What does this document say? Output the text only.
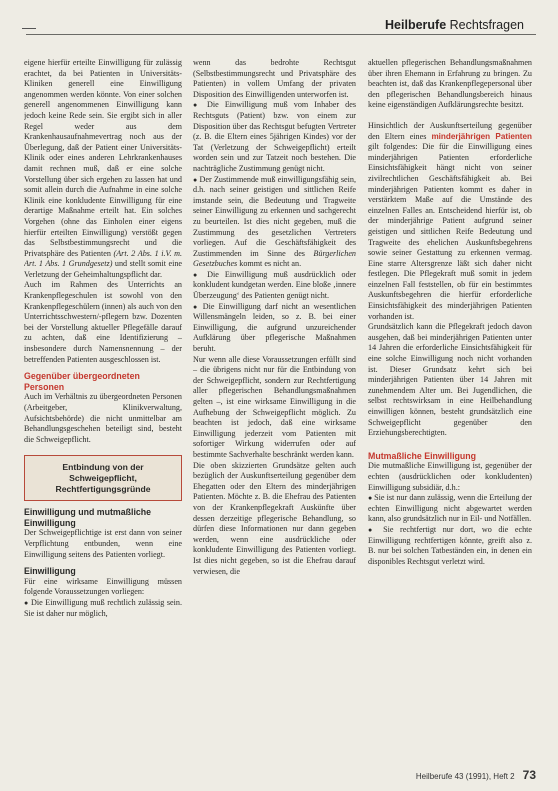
Heilberufe Rechtsfragen

eigene hierfür erteilte Einwilligung für zulässig erachtet, da bei Patienten in Universitäts-Kliniken generell eine Einwilligung angenommen werden könnte. Von einer solchen generell angenommenen Einwilligung kann jedoch keine Rede sein. Sie ergibt sich in aller Regel weder aus dem Krankenhausaufnahmevertrag noch aus der Überlegung, daß der Patient einer Universitäts-Klinik oder eines anderen Lehrkrankenhauses damit rechnen muß, daß er eine solche Vorstellung über sich ergehen zu lassen hat und somit allein durch die Aufnahme in eine solche Klinik eine konkludente Einwilligung für eine derartige Maßnahme erteilt hat. Ein solches Vorgehen (ohne das Einholen einer eigens hierfür erteilten Einwilligung) verstößt gegen das Selbstbestimmungsrecht und die Privatsphäre des Patienten (Art. 2 Abs. 1 i.V. m. Art. 1 Abs. 1 Grundgesetz) und stellt somit eine Verletzung der Geheimhaltungspflicht dar.

Auch im Rahmen des Unterrichts an Krankenpflegeschulen ist sowohl von den Krankenpflegeschülern (innen) als auch von den Unterrichtsschwestern/-pflegern bzw. Dozenten bei der Vorstellung aktueller Pflegefälle darauf zu achten, daß eine Identifizierung – insbesondere durch Namensnennung – der betreffenden Patienten ausgeschlossen ist.

Gegenüber übergeordneten Personen

Auch im Verhältnis zu übergeordneten Personen (Arbeitgeber, Klinikverwaltung, Aufsichtsbehörde) die nicht unmittelbar am Behandlungsgeschehen beteiligt sind, besteht die Schweigepflicht.

Entbindung von der Schweigepflicht, Rechtfertigungsgründe
Einwilligung und mutmaßliche Einwilligung

Der Schweigepflichtige ist erst dann von seiner Verpflichtung entbunden, wenn eine Einwilligung seitens des Patienten vorliegt.

Einwilligung

Für eine wirksame Einwilligung müssen folgende Voraussetzungen vorliegen:

● Die Einwilligung muß rechtlich zulässig sein. Sie ist daher nur möglich,

wenn das bedrohte Rechtsgut (Selbstbestimmungsrecht und Privatsphäre des Patienten) in vollem Umfang der privaten Disposition des Einwilligenden unterworfen ist.

● Die Einwilligung muß vom Inhaber des Rechtsguts (Patient) bzw. von einem zur Disposition über das Rechtsgut befugten Vertreter (z. B. die Eltern eines 5jährigen Kindes) vor der Tat (Verletzung der Schweigepflicht) erteilt worden sein und zur Tatzeit noch bestehen. Die nachträgliche Zustimmung genügt nicht.

● Der Zustimmende muß einwilligungsfähig sein, d.h. nach seiner geistigen und sittlichen Reife imstande sein, die Bedeutung und Tragweite seiner Einwilligung zu erkennen und sachgerecht zu beurteilen. Ist dies nicht gegeben, muß die Zustimmung des gesetzlichen Vertreters vorliegen. Auf die Geschäftsfähigkeit des Zustimmenden im Sinne des Bürgerlichen Gesetzbuches kommt es nicht an.

● Die Einwilligung muß ausdrücklich oder konkludent kundgetan werden. Eine bloße ‚innere Überzeugung‘ des Patienten genügt nicht.

● Die Einwilligung darf nicht an wesentlichen Willensmängeln leiden, so z. B. bei einer Einwilligung, die aufgrund unzureichender Aufklärung über pflegerische Maßnahmen beruht.

Nur wenn alle diese Voraussetzungen erfüllt sind – die übrigens nicht nur für die Entbindung von der Schweigepflicht, sondern zur Rechtfertigung aller pflegerischen Behandlungsmaßnahmen gelten –, ist eine wirksame Einwilligung in die Aufhebung der Schweigepflicht möglich. Zu beachten ist jedoch, daß eine wirksame Einwilligung jederzeit vom Patienten mit sofortiger Wirkung widerrufen oder auf bestimmte Sachverhalte beschränkt werden kann.

Die oben skizzierten Grundsätze gelten auch bezüglich der Auskunftserteilung gegenüber dem Ehegatten oder den Eltern des minderjährigen Patienten. Möchte z. B. die Ehefrau des Patienten von der Krankenpflegekraft Auskünfte über dessen derzeitige pflegerische Behandlung, so dürfen diese Informationen nur dann gegeben werden, wenn eine ausdrückliche oder konkludente Einwilligung des Patienten vorliegt. Ist dies nicht gegeben, so ist die Ehefrau darauf verwiesen, die

aktuellen pflegerischen Behandlungsmaßnahmen über ihren Ehemann in Erfahrung zu bringen. Zu beachten ist, daß das Krankenpflegepersonal über den pflegerischen Behandlungsbereich hinaus keine eigenständigen Aufklärungsrechte besitzt.

Hinsichtlich der Auskunftserteilung gegenüber den Eltern eines minderjährigen Patienten gilt folgendes: Die für die Einwilligung eines minderjährigen Patienten erforderliche Einsichtsfähigkeit hängt nicht von seiner zivilrechtlichen Geschäftsfähigkeit ab. Bei minderjährigen Patienten kommt es daher in verstärktem Maße auf die Umstände des einzelnen Falles an. Entscheidend hierfür ist, ob der minderjährige Patient aufgrund seiner geistigen und sittlichen Reife Bedeutung und Tragweite des ehelichen Auskunftsbegehrens sowie seiner Gestattung zu erkennen vermag. Eine starre Altersgrenze läßt sich daher nicht festlegen. Die Pflegekraft muß somit in jedem einzelnen Fall feststellen, ob für ein bestimmtes Auskunftsbegehren die hierfür erforderliche Einsichtsfähigkeit des minderjährigen Patienten vorhanden ist.

Grundsätzlich kann die Pflegekraft jedoch davon ausgehen, daß bei minderjährigen Patienten unter 14 Jahren die erforderliche Einsichtsfähigkeit für eine solche Einwilligung noch nicht vorhanden ist. Dieser Grundsatz kehrt sich bei minderjährigen Patienten über 14 Jahren mit zunehmendem Alter um. Bei Jugendlichen, die selbst rechtswirksam in eine Heilbehandlung einwilligen können, besteht grundsätzlich eine Schweigepflicht gegenüber den Erziehungsberechtigten.

Mutmaßliche Einwilligung

Die mutmaßliche Einwilligung ist, gegenüber der echten (ausdrücklichen oder konkludenten) Einwilligung subsidiär, d.h.:

● Sie ist nur dann zulässig, wenn die Erteilung der echten Einwilligung nicht abgewartet werden kann, also grundsätzlich nur in Eil- und Notfällen.

● Sie rechtfertigt nur dort, wo die echte Einwilligung rechtfertigen könnte, greift also z. B. nur bei solchen Tatbeständen ein, in denen ein disponibles Rechtsgut verletzt wird.

Heilberufe 43 (1991), Heft 2 73
